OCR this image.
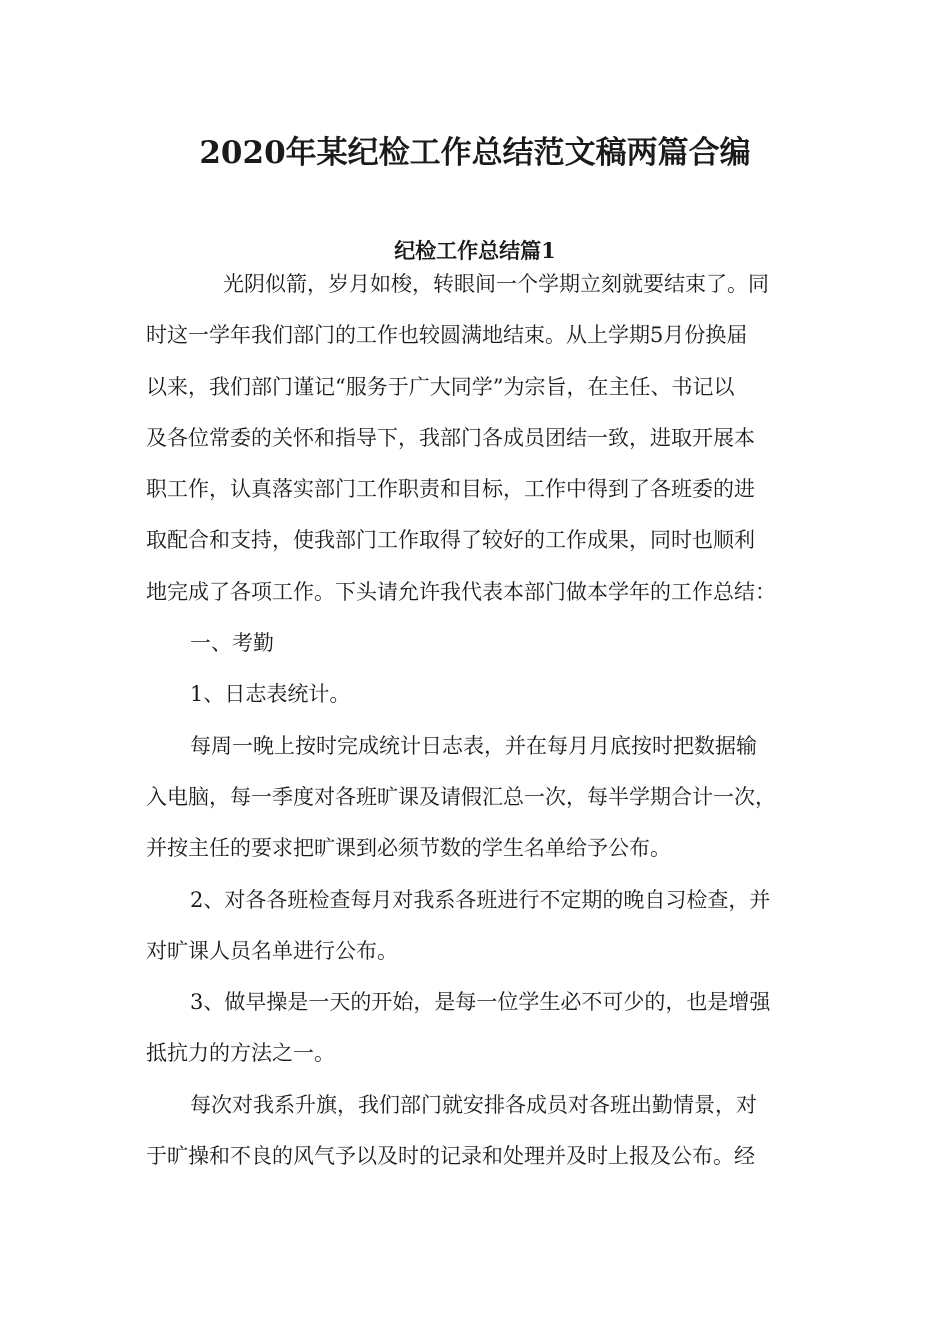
2020年某纪检工作总结范文稿两篇合编
纪检工作总结篇1
光阴似箭，岁月如梭，转眼间一个学期立刻就要结束了。同
时这一学年我们部门的工作也较圆满地结束。从上学期5月份换届
以来，我们部门谨记“服务于广大同学”为宗旨，在主任、书记以
及各位常委的关怀和指导下，我部门各成员团结一致，进取开展本
职工作，认真落实部门工作职责和目标，工作中得到了各班委的进
取配合和支持，使我部门工作取得了较好的工作成果，同时也顺利
地完成了各项工作。下头请允许我代表本部门做本学年的工作总结：
一、考勤
1、日志表统计。
每周一晚上按时完成统计日志表，并在每月月底按时把数据输
入电脑，每一季度对各班旷课及请假汇总一次，每半学期合计一次，
并按主任的要求把旷课到必须节数的学生名单给予公布。
2、对各各班检查每月对我系各班进行不定期的晚自习检查，并
对旷课人员名单进行公布。
3、做早操是一天的开始，是每一位学生必不可少的，也是增强
抵抗力的方法之一。
每次对我系升旗，我们部门就安排各成员对各班出勤情景，对
于旷操和不良的风气予以及时的记录和处理并及时上报及公布。经
